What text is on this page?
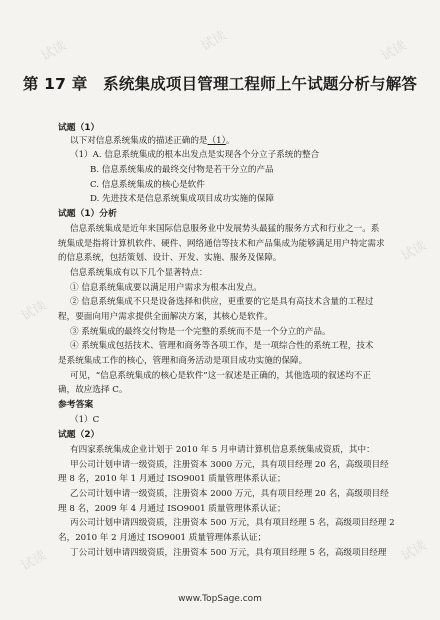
试读	试读	试读
试读
试读
试读	试读
第 17 章　系统集成项目管理工程师上午试题分析与解答
试题（1）
以下对信息系统集成的描述正确的是（1）。
（1）A. 信息系统集成的根本出发点是实现各个分立子系统的整合
B. 信息系统集成的最终交付物是若干分立的产品
C. 信息系统集成的核心是软件
D. 先进技术是信息系统集成项目成功实施的保障
试题（1）分析
信息系统集成是近年来国际信息服务业中发展势头最猛的服务方式和行业之一。系
统集成是指将计算机软件、硬件、网络通信等技术和产品集成为能够满足用户特定需求
的信息系统，包括策划、设计、开发、实施、服务及保障。
信息系统集成有以下几个显著特点：
① 信息系统集成要以满足用户需求为根本出发点。
② 信息系统集成不只是设备选择和供应，更重要的它是具有高技术含量的工程过
程，要面向用户需求提供全面解决方案，其核心是软件。
③ 系统集成的最终交付物是一个完整的系统而不是一个分立的产品。
④ 系统集成包括技术、管理和商务等各项工作，是一项综合性的系统工程，技术
是系统集成工作的核心，管理和商务活动是项目成功实施的保障。
可见，“信息系统集成的核心是软件”这一叙述是正确的，其他选项的叙述均不正
确，故应选择 C。
参考答案
（1）C
试题（2）
有四家系统集成企业计划于 2010 年 5 月申请计算机信息系统集成资质，其中：
甲公司计划申请一级资质，注册资本 3000 万元，具有项目经理 20 名，高级项目经
理 8 名，2010 年 1 月通过 ISO9001 质量管理体系认证；
乙公司计划申请一级资质，注册资本 2000 万元，具有项目经理 20 名，高级项目经
理 8 名，2009 年 4 月通过 ISO9001 质量管理体系认证；
丙公司计划申请四级资质，注册资本 500 万元，具有项目经理 5 名，高级项目经理 2
名，2010 年 2 月通过 ISO9001 质量管理体系认证；
丁公司计划申请四级资质，注册资本 500 万元，具有项目经理 5 名，高级项目经理
www.TopSage.com
